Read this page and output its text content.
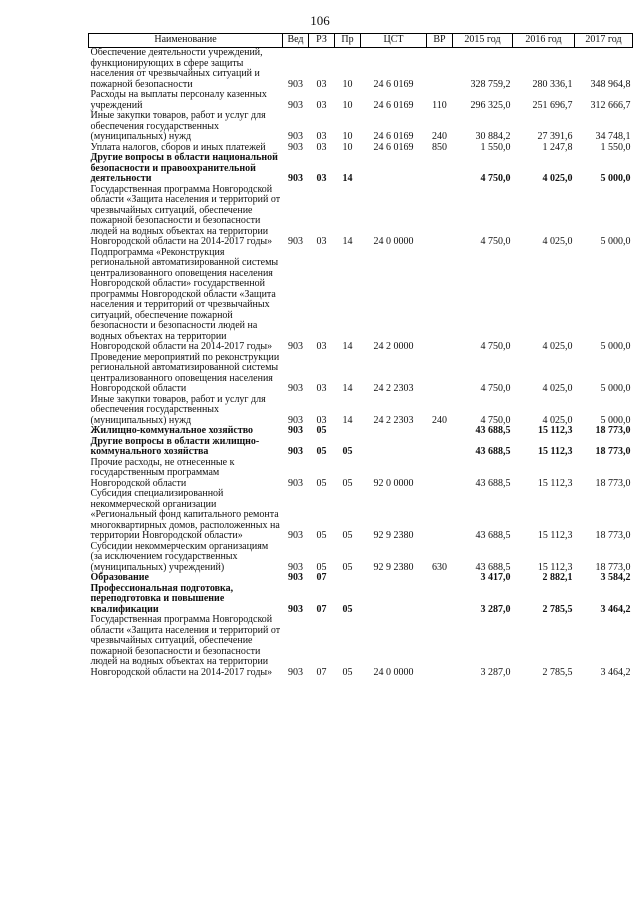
106
Наименование	Вед	РЗ	Пр	ЦСТ	ВР	2015 год	2016 год	2017 год
Обеспечение деятельности учреждений, функционирующих в сфере защиты населения от чрезвычайных ситуаций и пожарной безопасности	903	03	10	24 6 0169		328 759,2	280 336,1	348 964,8
Расходы на выплаты персоналу казенных учреждений	903	03	10	24 6 0169	110	296 325,0	251 696,7	312 666,7
Иные закупки товаров, работ и услуг для обеспечения государственных (муниципальных) нужд	903	03	10	24 6 0169	240	30 884,2	27 391,6	34 748,1
Уплата налогов, сборов и иных платежей	903	03	10	24 6 0169	850	1 550,0	1 247,8	1 550,0
Другие вопросы в области национальной безопасности и правоохранительной деятельности	903	03	14			4 750,0	4 025,0	5 000,0
Государственная программа Новгородской области «Защита населения и территорий от чрезвычайных ситуаций, обеспечение пожарной безопасности и безопасности людей на водных объектах на территории Новгородской области на 2014-2017 годы»	903	03	14	24 0 0000		4 750,0	4 025,0	5 000,0
Подпрограмма «Реконструкция региональной автоматизированной системы централизованного оповещения населения Новгородской области» государственной программы Новгородской области «Защита населения и территорий от чрезвычайных ситуаций, обеспечение пожарной безопасности и безопасности людей на водных объектах на территории Новгородской области на 2014-2017 годы»	903	03	14	24 2 0000		4 750,0	4 025,0	5 000,0
Проведение мероприятий по реконструкции региональной автоматизированной системы централизованного оповещения населения Новгородской области	903	03	14	24 2 2303		4 750,0	4 025,0	5 000,0
Иные закупки товаров, работ и услуг для обеспечения государственных (муниципальных) нужд	903	03	14	24 2 2303	240	4 750,0	4 025,0	5 000,0
Жилищно-коммунальное хозяйство	903	05				43 688,5	15 112,3	18 773,0
Другие вопросы в области жилищно-коммунального хозяйства	903	05	05			43 688,5	15 112,3	18 773,0
Прочие расходы, не отнесенные к государственным программам Новгородской области	903	05	05	92 0 0000		43 688,5	15 112,3	18 773,0
Субсидия специализированной некоммерческой организации «Региональный фонд капитального ремонта многоквартирных домов, расположенных на территории Новгородской области»	903	05	05	92 9 2380		43 688,5	15 112,3	18 773,0
Субсидии некоммерческим организациям (за исключением государственных (муниципальных) учреждений)	903	05	05	92 9 2380	630	43 688,5	15 112,3	18 773,0
Образование	903	07				3 417,0	2 882,1	3 584,2
Профессиональная подготовка, переподготовка и повышение квалификации	903	07	05			3 287,0	2 785,5	3 464,2
Государственная программа Новгородской области «Защита населения и территорий от чрезвычайных ситуаций, обеспечение пожарной безопасности и безопасности людей на водных объектах на территории Новгородской области на 2014-2017 годы»	903	07	05	24 0 0000		3 287,0	2 785,5	3 464,2
